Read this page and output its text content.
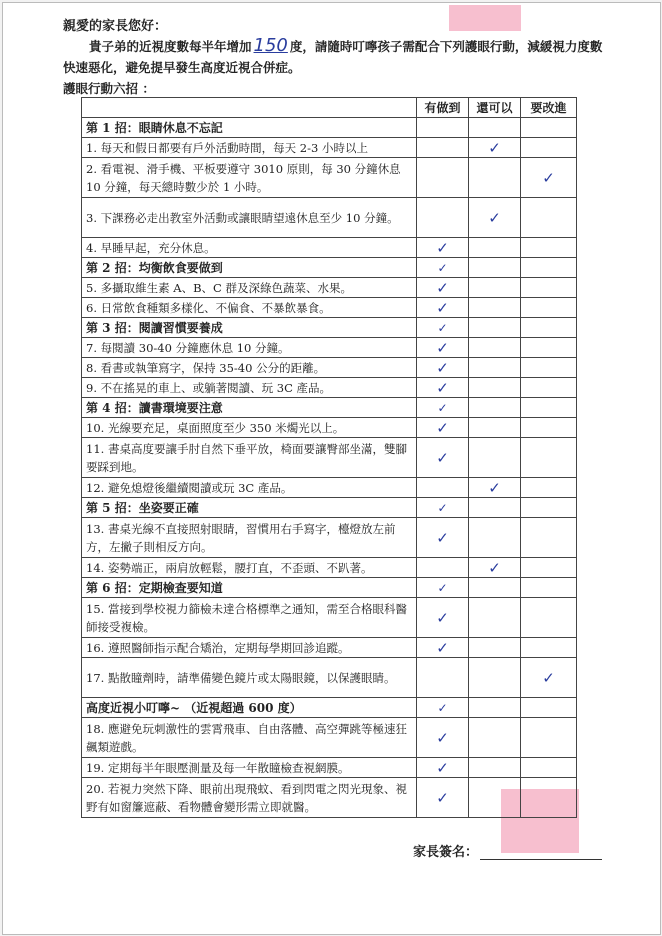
親愛的家長您好：
貴子弟的近視度數每半年增加 150 度，請隨時叮嚀孩子需配合下列護眼行動，減緩視力度數快速惡化，避免提早發生高度近視合併症。
護眼行動六招 ：
	有做到	還可以	要改進
第 1 招：眼睛休息不忘記			
1. 每天和假日都要有戶外活動時間，每天 2-3 小時以上		✓	
2. 看電視、滑手機、平板要遵守 3010 原則，每 30 分鐘休息 10 分鐘，每天總時數少於 1 小時。			✓
3. 下課務必走出教室外活動或讓眼睛望遠休息至少 10 分鐘。		✓	
4. 早睡早起，充分休息。	✓		
第 2 招：均衡飲食要做到	✓		
5. 多攝取維生素 A、B、C 群及深綠色蔬菜、水果。	✓		
6. 日常飲食種類多樣化、不偏食、不暴飲暴食。	✓		
第 3 招：閱讀習慣要養成	✓		
7. 每閱讀 30-40 分鐘應休息 10 分鐘。	✓		
8. 看書或執筆寫字，保持 35-40 公分的距離。	✓		
9. 不在搖晃的車上、或躺著閱讀、玩 3C 產品。	✓		
第 4 招：讀書環境要注意	✓		
10. 光線要充足，桌面照度至少 350 米燭光以上。	✓		
11. 書桌高度要讓手肘自然下垂平放，椅面要讓臀部坐滿，雙腳要踩到地。	✓		
12. 避免熄燈後繼續閱讀或玩 3C 產品。		✓	
第 5 招：坐姿要正確	✓		
13. 書桌光線不直接照射眼睛，習慣用右手寫字，檯燈放左前方，左撇子則相反方向。	✓		
14. 姿勢端正，兩肩放輕鬆，腰打直，不歪頭、不趴著。		✓	
第 6 招：定期檢查要知道	✓		
15. 當接到學校視力篩檢未達合格標準之通知，需至合格眼科醫師接受複檢。	✓		
16. 遵照醫師指示配合矯治，定期每學期回診追蹤。	✓		
17. 點散瞳劑時，請準備變色鏡片或太陽眼鏡，以保護眼睛。			✓
高度近視小叮嚀~ （近視超過 600 度）	✓		
18. 應避免玩刺激性的雲霄飛車、自由落體、高空彈跳等極速狂飆類遊戲。	✓		
19. 定期每半年眼壓測量及每一年散瞳檢查視網膜。	✓		
20. 若視力突然下降、眼前出現飛蚊、看到閃電之閃光現象、視野有如窗簾遮蔽、看物體會變形需立即就醫。	✓		
家長簽名：
